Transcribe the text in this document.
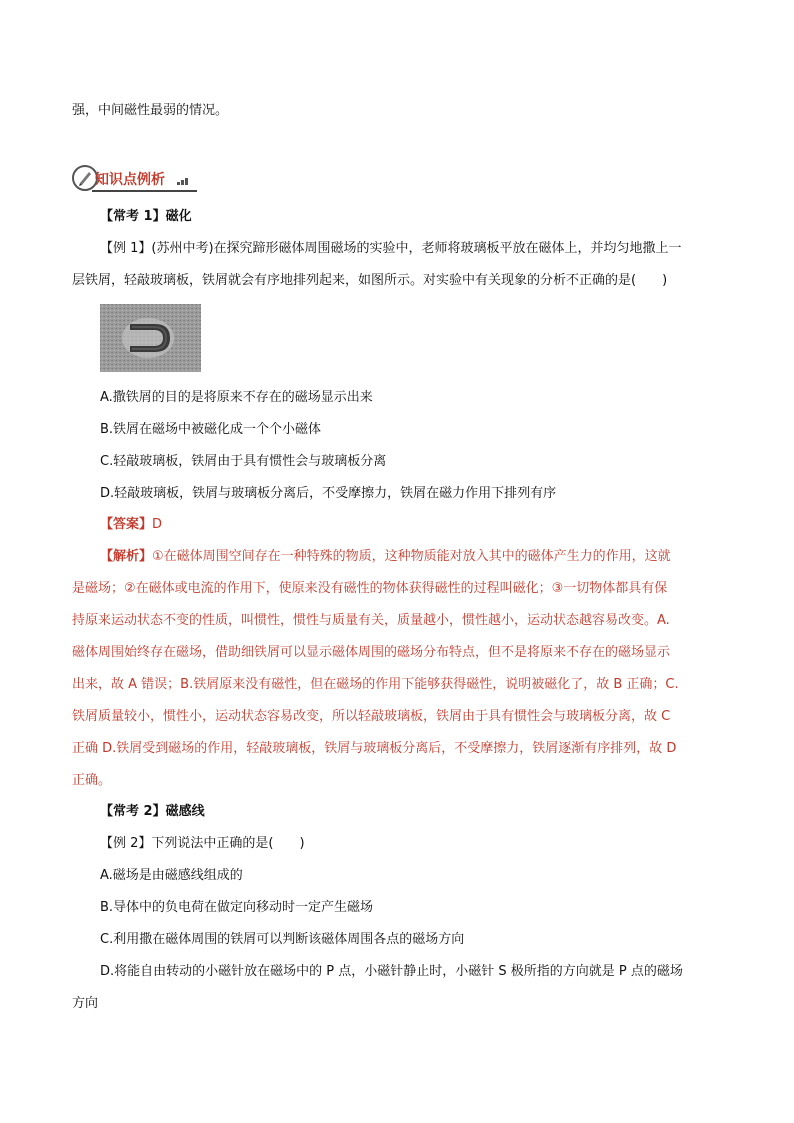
强，中间磁性最弱的情况。
知识点例析
【常考 1】磁化
【例 1】(苏州中考)在探究蹄形磁体周围磁场的实验中，老师将玻璃板平放在磁体上，并均匀地撒上一
层铁屑，轻敲玻璃板，铁屑就会有序地排列起来，如图所示。对实验中有关现象的分析不正确的是(　　)
A.撒铁屑的目的是将原来不存在的磁场显示出来
B.铁屑在磁场中被磁化成一个个小磁体
C.轻敲玻璃板，铁屑由于具有惯性会与玻璃板分离
D.轻敲玻璃板，铁屑与玻璃板分离后，不受摩擦力，铁屑在磁力作用下排列有序
【答案】D
【解析】①在磁体周围空间存在一种特殊的物质，这种物质能对放入其中的磁体产生力的作用，这就
是磁场；②在磁体或电流的作用下，使原来没有磁性的物体获得磁性的过程叫磁化；③一切物体都具有保
持原来运动状态不变的性质，叫惯性，惯性与质量有关，质量越小，惯性越小，运动状态越容易改变。A.
磁体周围始终存在磁场，借助细铁屑可以显示磁体周围的磁场分布特点，但不是将原来不存在的磁场显示
出来，故 A 错误；B.铁屑原来没有磁性，但在磁场的作用下能够获得磁性，说明被磁化了，故 B 正确；C.
铁屑质量较小，惯性小，运动状态容易改变，所以轻敲玻璃板，铁屑由于具有惯性会与玻璃板分离，故 C
正确 D.铁屑受到磁场的作用，轻敲玻璃板，铁屑与玻璃板分离后，不受摩擦力，铁屑逐渐有序排列，故 D
正确。
【常考 2】磁感线
【例 2】下列说法中正确的是(　　)
A.磁场是由磁感线组成的
B.导体中的负电荷在做定向移动时一定产生磁场
C.利用撒在磁体周围的铁屑可以判断该磁体周围各点的磁场方向
D.将能自由转动的小磁针放在磁场中的 P 点，小磁针静止时，小磁针 S 极所指的方向就是 P 点的磁场
方向
